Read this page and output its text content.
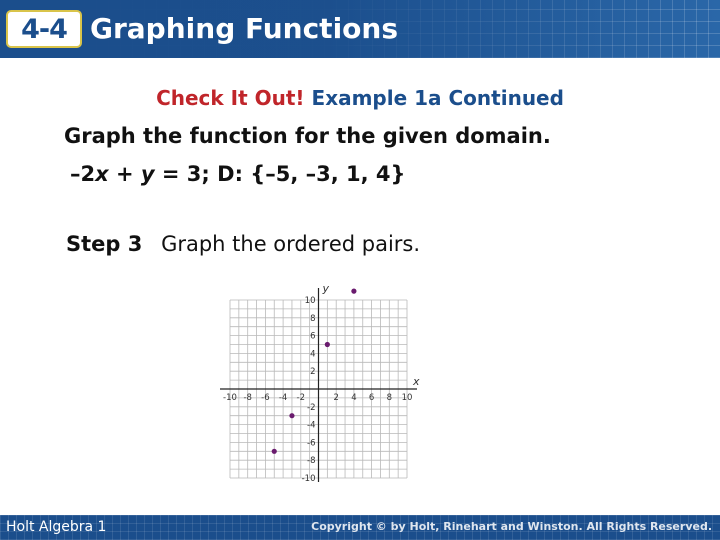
4-4 Graphing Functions
Check It Out! Example 1a Continued
Graph the function for the given domain.
–2x + y = 3; D: {–5, –3, 1, 4}
Step 3 Graph the ordered pairs.
x
y
-10 -8 -6 -4 -2	2 4 6 8 10
10
8
6
4
2
-2
-4
-6
-8
-10
Holt Algebra 1	Copyright © by Holt, Rinehart and Winston. All Rights Reserved.
